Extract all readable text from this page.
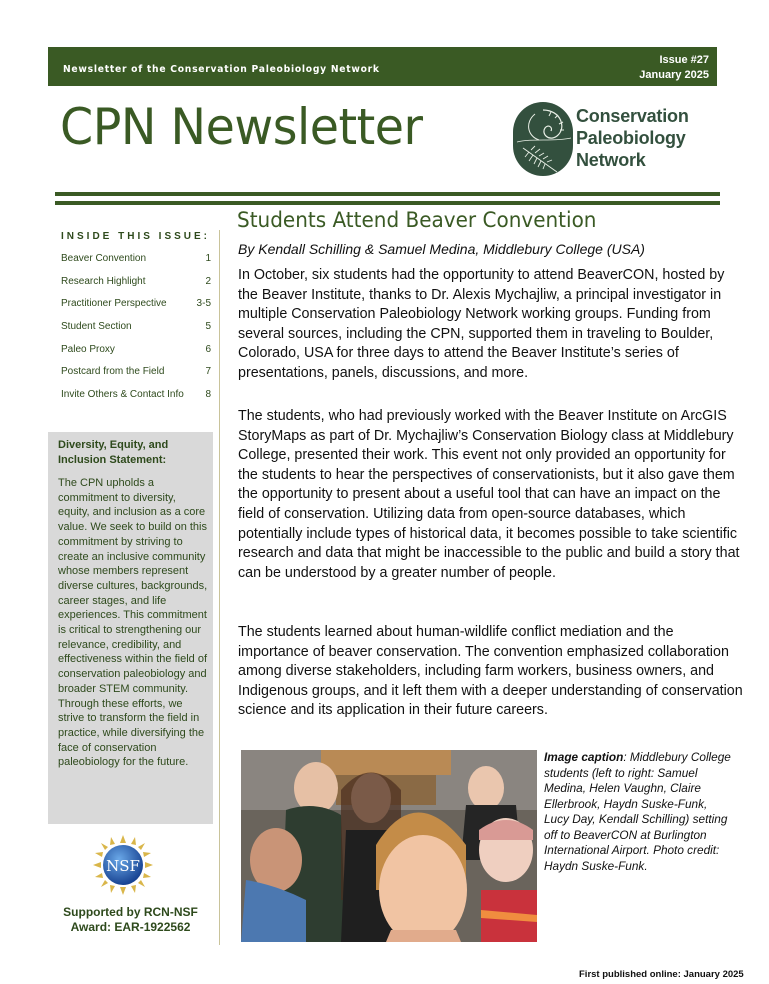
Newsletter of the Conservation Paleobiology Network
Issue #27
January 2025
CPN Newsletter	Conservation
Paleobiology
Network
INSIDE THIS ISSUE:
Beaver Convention	1
Research Highlight	2
Practitioner Perspective	3-5
Student Section	5
Paleo Proxy	6
Postcard from the Field	7
Invite Others & Contact Info 8
Diversity, Equity, and Inclusion Statement:
The CPN upholds a commitment to diversity, equity, and inclusion as a core value. We seek to build on this commitment by striving to create an inclusive community whose members represent diverse cultures, backgrounds, career stages, and life experiences. This commitment is critical to strengthening our relevance, credibility, and effectiveness within the field of conservation paleobiology and broader STEM community. Through these efforts, we strive to transform the field in practice, while diversifying the face of conservation paleobiology for the future.
NSF
Supported by RCN-NSF
Award: EAR-1922562
Students Attend Beaver Convention
By Kendall Schilling & Samuel Medina, Middlebury College (USA)
In October, six students had the opportunity to attend BeaverCON, hosted by the Beaver Institute, thanks to Dr. Alexis Mychajliw, a principal investigator in multiple Conservation Paleobiology Network working groups. Funding from several sources, including the CPN, supported them in traveling to Boulder, Colorado, USA for three days to attend the Beaver Institute’s series of presentations, panels, discussions, and more.
The students, who had previously worked with the Beaver Institute on ArcGIS StoryMaps as part of Dr. Mychajliw’s Conservation Biology class at Middlebury College, presented their work. This event not only provided an opportunity for the students to hear the perspectives of conservationists, but it also gave them the opportunity to present about a useful tool that can have an impact on the field of conservation. Utilizing data from open-source databases, which potentially include types of historical data, it becomes possible to take scientific research and data that might be inaccessible to the public and build a story that can be understood by a greater number of people.
The students learned about human-wildlife conflict mediation and the importance of beaver conservation. The convention emphasized collaboration among diverse stakeholders, including farm workers, business owners, and Indigenous groups, and it left them with a deeper understanding of conservation science and its application in their future careers.
Image caption: Middlebury College students (left to right: Samuel Medina, Helen Vaughn, Claire Ellerbrook, Haydn Suske-Funk, Lucy Day, Kendall Schilling) setting off to BeaverCON at Burlington International Airport. Photo credit: Haydn Suske-Funk.
First published online: January 2025
